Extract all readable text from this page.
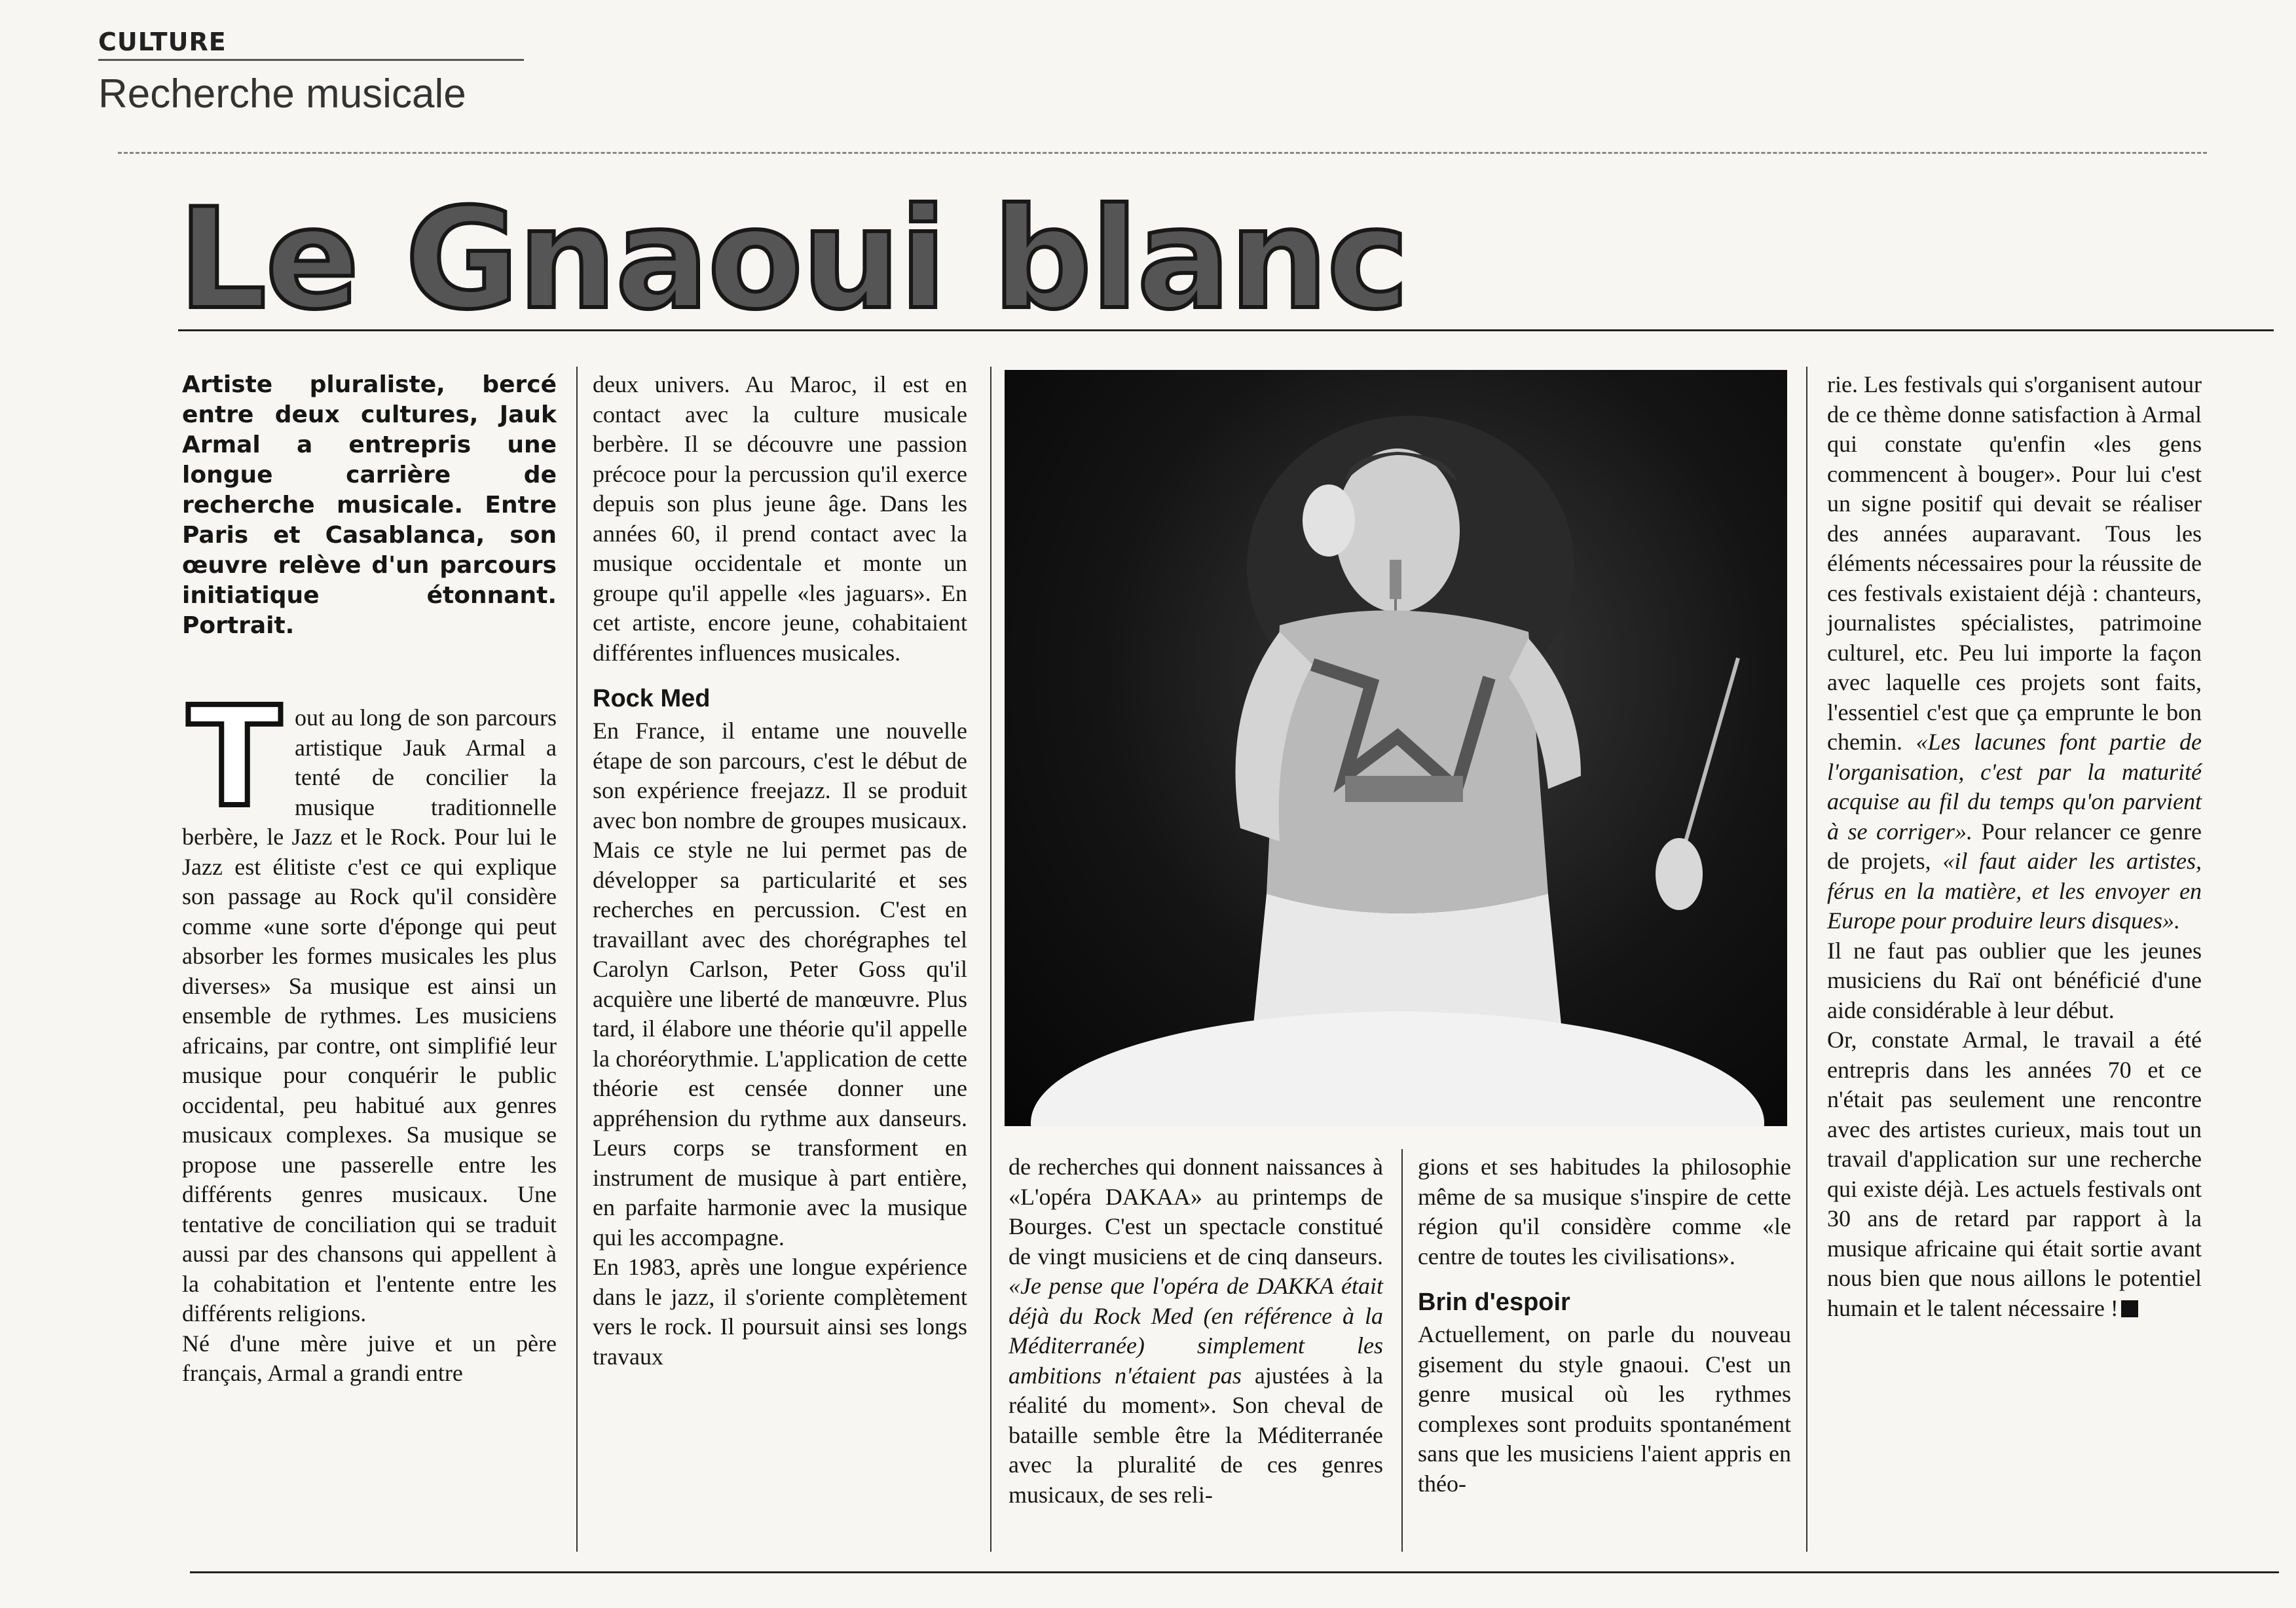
CULTURE
Recherche musicale
Le Gnaoui blanc
Artiste pluraliste, bercé entre deux cultures, Jauk Armal a entrepris une longue carrière de recherche musicale. Entre Paris et Casablanca, son œuvre relève d'un parcours initiatique étonnant. Portrait.

Tout au long de son parcours artistique Jauk Armal a tenté de concilier la musique traditionnelle berbère, le Jazz et le Rock. Pour lui le Jazz est élitiste c'est ce qui explique son passage au Rock qu'il considère comme «une sorte d'éponge qui peut absorber les formes musicales les plus diverses» Sa musique est ainsi un ensemble de rythmes. Les musiciens africains, par contre, ont simplifié leur musique pour conquérir le public occidental, peu habitué aux genres musicaux complexes. Sa musique se propose une passerelle entre les différents genres musicaux. Une tentative de conciliation qui se traduit aussi par des chansons qui appellent à la cohabitation et l'entente entre les différents religions.

Né d'une mère juive et un père français, Armal a grandi entre

deux univers. Au Maroc, il est en contact avec la culture musicale berbère. Il se découvre une passion précoce pour la percussion qu'il exerce depuis son plus jeune âge. Dans les années 60, il prend contact avec la musique occidentale et monte un groupe qu'il appelle «les jaguars». En cet artiste, encore jeune, cohabitaient différentes influences musicales.

Rock Med

En France, il entame une nouvelle étape de son parcours, c'est le début de son expérience freejazz. Il se produit avec bon nombre de groupes musicaux. Mais ce style ne lui permet pas de développer sa particularité et ses recherches en percussion. C'est en travaillant avec des chorégraphes tel Carolyn Carlson, Peter Goss qu'il acquière une liberté de manœuvre. Plus tard, il élabore une théorie qu'il appelle la choréorythmie. L'application de cette théorie est censée donner une appréhension du rythme aux danseurs. Leurs corps se transforment en instrument de musique à part entière, en parfaite harmonie avec la musique qui les accompagne.

En 1983, après une longue expérience dans le jazz, il s'oriente complètement vers le rock. Il poursuit ainsi ses longs travaux

de recherches qui donnent naissances à «L'opéra DAKAA» au printemps de Bourges. C'est un spectacle constitué de vingt musiciens et de cinq danseurs. «Je pense que l'opéra de DAKKA était déjà du Rock Med (en référence à la Méditerranée) simplement les ambitions n'étaient pas ajustées à la réalité du moment». Son cheval de bataille semble être la Méditerranée avec la pluralité de ces genres musicaux, de ses reli-

gions et ses habitudes la philosophie même de sa musique s'inspire de cette région qu'il considère comme «le centre de toutes les civilisations».

Brin d'espoir

Actuellement, on parle du nouveau gisement du style gnaoui. C'est un genre musical où les rythmes complexes sont produits spontanément sans que les musiciens l'aient appris en théo-

rie. Les festivals qui s'organisent autour de ce thème donne satisfaction à Armal qui constate qu'enfin «les gens commencent à bouger». Pour lui c'est un signe positif qui devait se réaliser des années auparavant. Tous les éléments nécessaires pour la réussite de ces festivals existaient déjà : chanteurs, journalistes spécialistes, patrimoine culturel, etc. Peu lui importe la façon avec laquelle ces projets sont faits, l'essentiel c'est que ça emprunte le bon chemin. «Les lacunes font partie de l'organisation, c'est par la maturité acquise au fil du temps qu'on parvient à se corriger». Pour relancer ce genre de projets, «il faut aider les artistes, férus en la matière, et les envoyer en Europe pour produire leurs disques».

Il ne faut pas oublier que les jeunes musiciens du Raï ont bénéficié d'une aide considérable à leur début.

Or, constate Armal, le travail a été entrepris dans les années 70 et ce n'était pas seulement une rencontre avec des artistes curieux, mais tout un travail d'application sur une recherche qui existe déjà. Les actuels festivals ont 30 ans de retard par rapport à la musique africaine qui était sortie avant nous bien que nous aillons le potentiel humain et le talent nécessaire !
